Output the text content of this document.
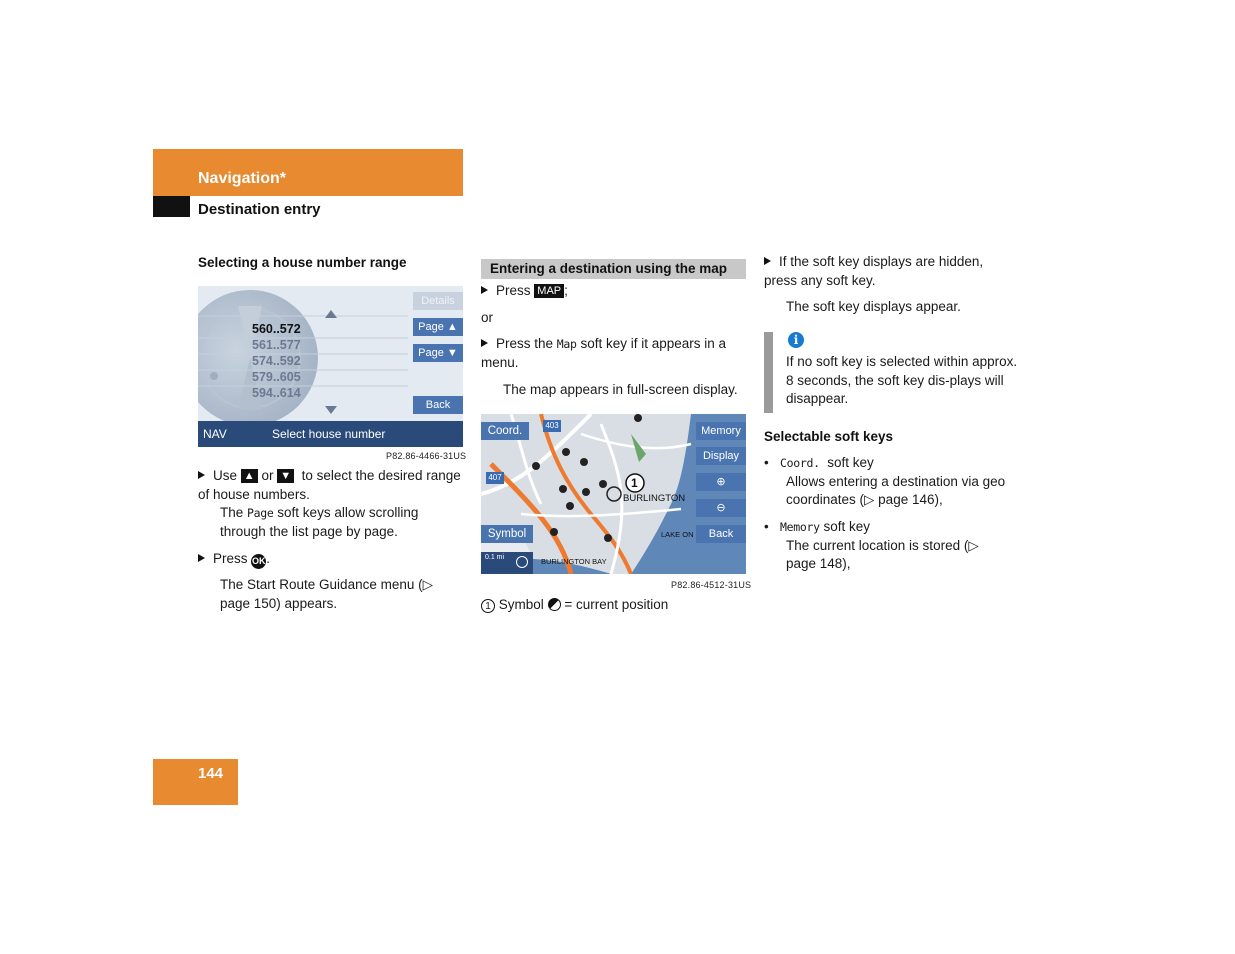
Navigation*
Destination entry
Selecting a house number range
560..572
561..577
574..592
579..605
594..614
Details
Page ▲
Page ▼
Back
NAV	Select house number
P82.86-4466-31US
Use ▲ or ▼ to select the desired range of house numbers.
The Page soft keys allow scrolling through the list page by page.
Press OK.
The Start Route Guidance menu (▷ page 150) appears.
Entering a destination using the map
Press MAP ;
or
Press the Map soft key if it appears in a menu.
The map appears in full-screen display.
403
407	1
BURLINGTON
LAKE ON
BURLINGTON BAY
0.1 mi
Coord.	Memory
Display
⊕
⊖
Symbol	Back
P82.86-4512-31US
1 Symbol = current position
If the soft key displays are hidden, press any soft key.
The soft key displays appear.
i
If no soft key is selected within approx. 8 seconds, the soft key dis-plays will disappear.
Selectable soft keys
• Coord. soft key
Allows entering a destination via geo coordinates (▷ page 146),
• Memory soft key
The current location is stored (▷ page 148),
144
